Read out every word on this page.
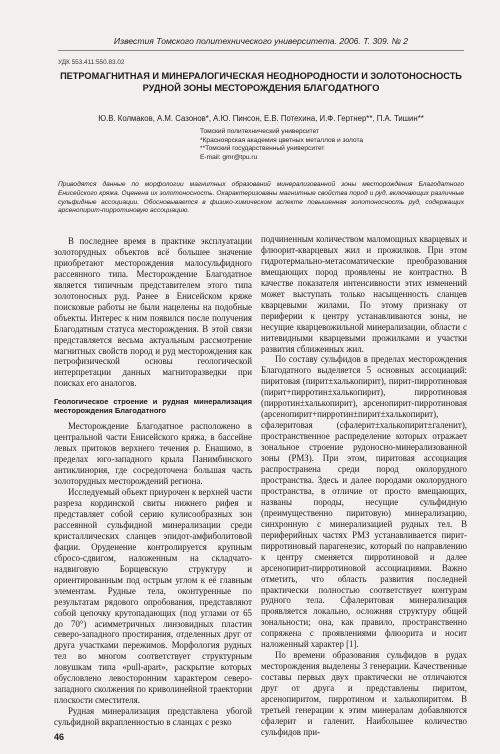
Известия Томского политехнического университета. 2006. Т. 309. № 2
УДК 553.411:550.83.02
ПЕТРОМАГНИТНАЯ И МИНЕРАЛОГИЧЕСКАЯ НЕОДНОРОДНОСТИ И ЗОЛОТОНОСНОСТЬ
РУДНОЙ ЗОНЫ МЕСТОРОЖДЕНИЯ БЛАГОДАТНОГО
Ю.В. Колмаков, А.М. Сазонов*, А.Ю. Пинсон, Е.В. Потехина, И.Ф. Гертнер**, П.А. Тишин**
Томский политехнический университет
*Красноярская академия цветных металлов и золота
**Томский государственный университет
E-mail: gmr@tpu.ru
Приводятся данные по морфологии магнитных образований минерализованной зоны месторождения Благодатного Енисейского кряжа. Оценена их золотоносность. Охарактеризованы магнитные свойства пород и руд, включающих различные сульфидные ассоциации. Обосновывается в физико-химическом аспекте повышенная золотоносность руд, содержащих арсенопирит-пирротиновую ассоциацию.

В последнее время в практике эксплуатации золоторудных объектов всё большее значение приобретают месторождения малосульфидного рассеянного типа. Месторождение Благодатное является типичным представителем этого типа золотоносных руд. Ранее в Енисейском кряже поисковые работы не были нацелены на подобные объекты. Интерес к ним появился после получения Благодатным статуса месторождения. В этой связи представляется весьма актуальным рассмотрение магнитных свойств пород и руд месторождения как петрофизической основы геологической интерпретации данных магниторазведки при поисках его аналогов.

Геологическое строение и рудная минерализация месторождения Благодатного

Месторождение Благодатное расположено в центральной части Енисейского кряжа, в бассейне левых притоков верхнего течения р. Енашимо, в пределах юго-западного крыла Панимбинского антиклинория, где сосредоточена большая часть золоторудных месторождений региона.

Исследуемый объект приурочен к верхней части разреза кординской свиты нижнего рифея и представляет собой серию кулисообразных зон рассеянной сульфидной минерализации среди кристаллических сланцев эпидот-амфиболитовой фации. Оруденение контролируется крупным сбросо-сдвигом, наложенным на складчато-надвиговую Борщевскую структуру и ориентированным под острым углом к её главным элементам. Рудные тела, оконтуренные по результатам рядового опробования, представляют собой цепочку крутопадающих (под углами от 65 до 70°) асимметричных линзовидных пластин северо-западного простирания, отделенных друг от друга участками пережимов. Морфология рудных тел во многом соответствует структурным ловушкам типа «pull-apart», раскрытие которых обусловлено левосторонним характером северо-западного сколжения по криволинейной траектории плоскости сместителя.

Рудная минерализация представлена убогой сульфидной вкрапленностью в сланцах с резко

подчиненным количеством маломощных кварцевых и флюорит-кварцевых жил и прожилков. При этом гидротермально-метасоматические преобразования вмещающих пород проявлены не контрастно. В качестве показателя интенсивности этих изменений может выступать только насыщенность сланцев кварцевыми жилами. По этому признаку от периферии к центру устанавливаются зоны, не несущие кварцевожильной минерализации, области с нитевидными кварцевыми прожилками и участки развития сближенных жил.

По составу сульфидов в пределах месторождения Благодатного выделяется 5 основных ассоциаций: пиритовая (пирит±халькопирит), пирит-пирротиновая (пирит+пирротин±халькопирит), пирротиновая (пирротин±халькопирит), арсенопирит-пирротиновая (арсенопирит+пирротин±пирит±халькопирит), сфалеритовая (сфалерит±халькопирит±галенит), пространственное распределение которых отражает зональное строение рудоносно-минерализованной зоны (РМЗ). При этом, пиритовая ассоциация распространена среди пород околорудного пространства. Здесь и далее породами околорудного пространства, в отличие от просто вмещающих, названы породы, несущие сульфидную (преимущественно пиритовую) минерализацию, синхронную с минерализацией рудных тел. В периферийных частях РМЗ устанавливается пирит-пирротиновый парагенезис, который по направлению к центру сменяется пирротиновой и далее арсенопирит-пирротиновой ассоциациями. Важно отметить, что область развития последней практически полностью соответствует контурам рудного тела. Сфалеритовая минерализация проявляется локально, осложняя структуру общей зональности; она, как правило, пространственно сопряжена с проявлениями флюорита и носит наложенный характер [1].

По времени образования сульфидов в рудах месторождения выделены 3 генерации. Качественные составы первых двух практически не отличаются друг от друга и представлены пиритом, арсенопиритом, пирротином и халькопиритом. В третьей генерации к этим минералам добавляются сфалерит и галенит. Наибольшее количество сульфидов при-

46
